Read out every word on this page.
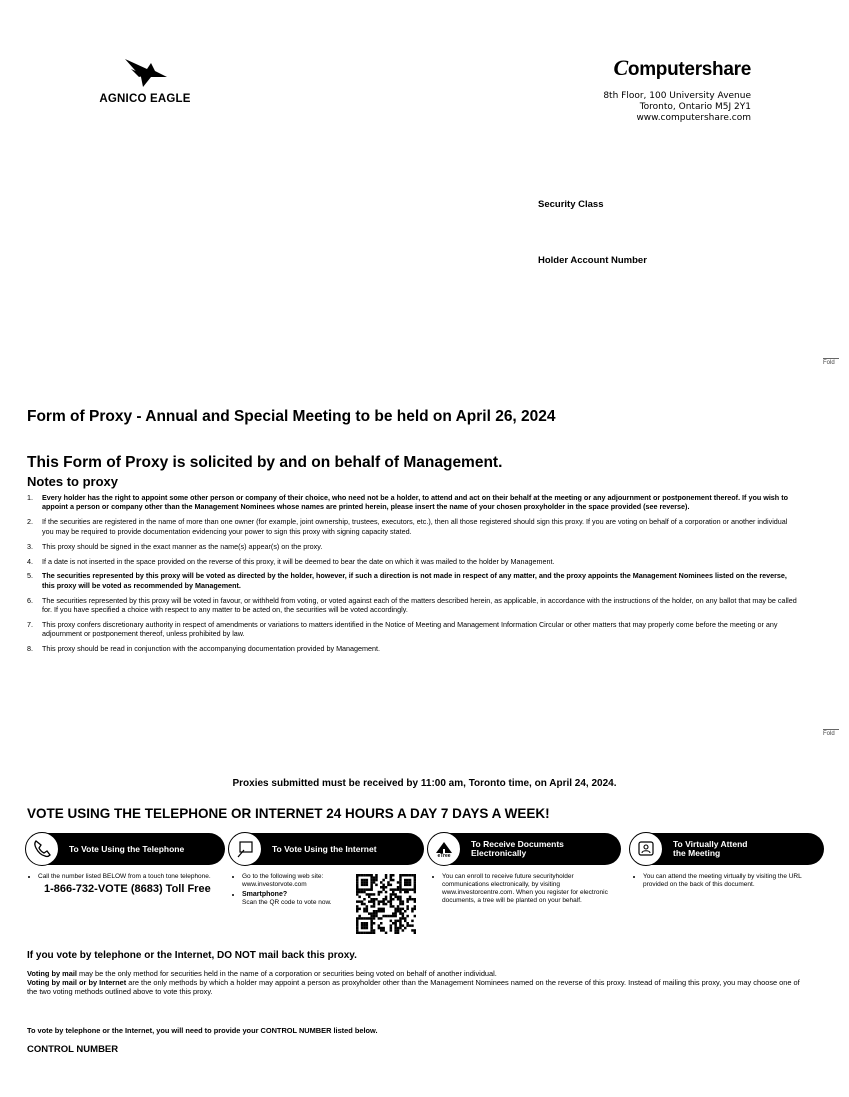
AGNICO EAGLE
Computershare
8th Floor, 100 University Avenue
Toronto, Ontario M5J 2Y1
www.computershare.com
Security Class
Holder Account Number
Fold
Fold
Form of Proxy - Annual and Special Meeting to be held on April 26, 2024
This Form of Proxy is solicited by and on behalf of Management.
Notes to proxy
1.	Every holder has the right to appoint some other person or company of their choice, who need not be a holder, to attend and act on their behalf at the meeting or any adjournment or postponement thereof. If you wish to appoint a person or company other than the Management Nominees whose names are printed herein, please insert the name of your chosen proxyholder in the space provided (see reverse).
2.	If the securities are registered in the name of more than one owner (for example, joint ownership, trustees, executors, etc.), then all those registered should sign this proxy. If you are voting on behalf of a corporation or another individual you may be required to provide documentation evidencing your power to sign this proxy with signing capacity stated.
3.	This proxy should be signed in the exact manner as the name(s) appear(s) on the proxy.
4.	If a date is not inserted in the space provided on the reverse of this proxy, it will be deemed to bear the date on which it was mailed to the holder by Management.
5.	The securities represented by this proxy will be voted as directed by the holder, however, if such a direction is not made in respect of any matter, and the proxy appoints the Management Nominees listed on the reverse, this proxy will be voted as recommended by Management.
6.	The securities represented by this proxy will be voted in favour, or withheld from voting, or voted against each of the matters described herein, as applicable, in accordance with the instructions of the holder, on any ballot that may be called for. If you have specified a choice with respect to any matter to be acted on, the securities will be voted accordingly.
7.	This proxy confers discretionary authority in respect of amendments or variations to matters identified in the Notice of Meeting and Management Information Circular or other matters that may properly come before the meeting or any adjournment or postponement thereof, unless prohibited by law.
8.	This proxy should be read in conjunction with the accompanying documentation provided by Management.
Proxies submitted must be received by 11:00 am, Toronto time, on April 24, 2024.
VOTE USING THE TELEPHONE OR INTERNET 24 HOURS A DAY 7 DAYS A WEEK!
To Vote Using the Telephone	To Vote Using the Internet
eTree
To Receive Documents
Electronically
To Virtually Attend
the Meeting
• Call the number listed BELOW from a touch tone telephone.
1-866-732-VOTE (8683) Toll Free
• Go to the following web site: www.investorvote.com
• Smartphone?
Scan the QR code to vote now.
• You can enroll to receive future securityholder communications electronically, by visiting www.investorcentre.com. When you register for electronic documents, a tree will be planted on your behalf.
• You can attend the meeting virtually by visiting the URL provided on the back of this document.
If you vote by telephone or the Internet, DO NOT mail back this proxy.
Voting by mail may be the only method for securities held in the name of a corporation or securities being voted on behalf of another individual.
Voting by mail or by Internet are the only methods by which a holder may appoint a person as proxyholder other than the Management Nominees named on the reverse of this proxy. Instead of mailing this proxy, you may choose one of the two voting methods outlined above to vote this proxy.
To vote by telephone or the Internet, you will need to provide your CONTROL NUMBER listed below.
CONTROL NUMBER
